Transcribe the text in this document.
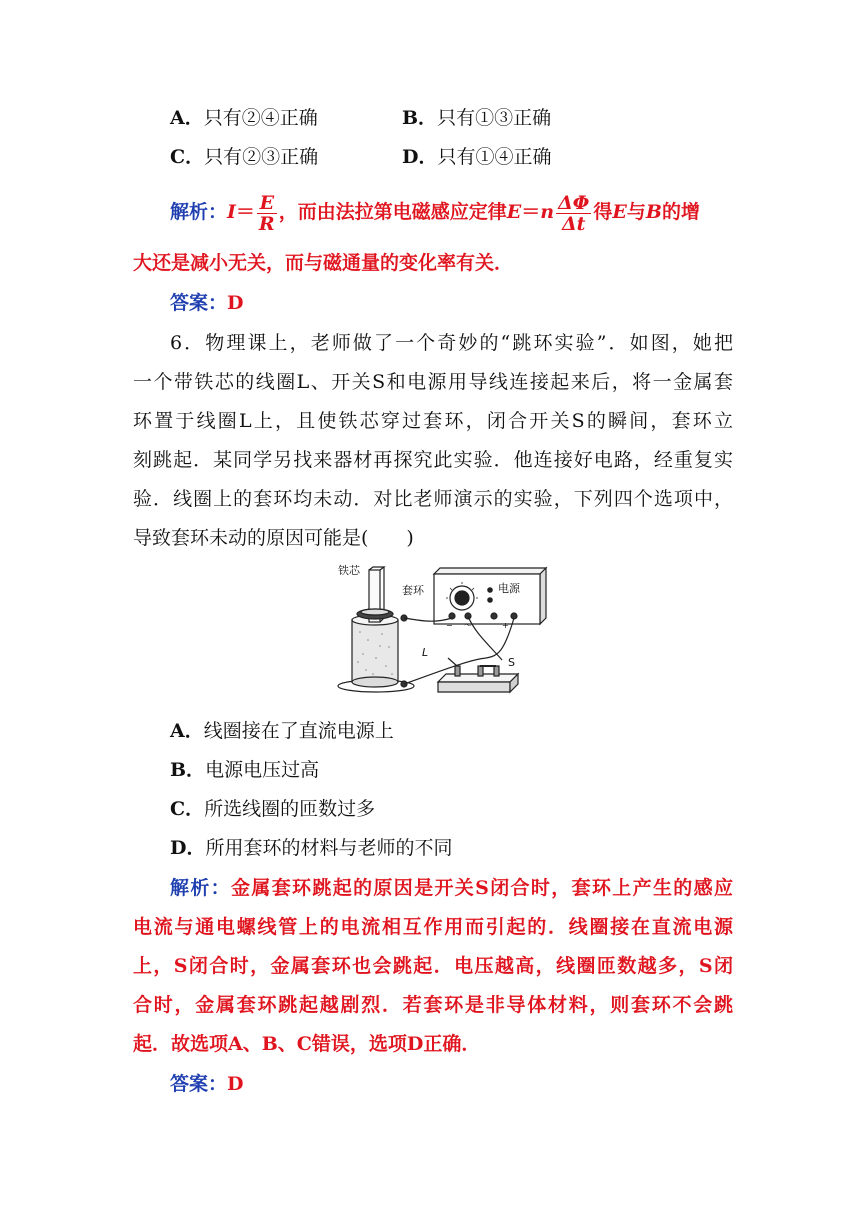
A．只有②④正确	B．只有①③正确
C．只有②③正确	D．只有①④正确
解析：$I= \frac{E}{R}$ ，而由法拉第电磁感应定律$E=n \frac{\Delta\Phi}{\Delta t}$ 得E与B的增
大还是减小无关，而与磁通量的变化率有关．
答案：D
6．物理课上，老师做了一个奇妙的“跳环实验”．如图，她把
一个带铁芯的线圈L、开关S和电源用导线连接起来后，将一金属套
环置于线圈L上，且使铁芯穿过套环，闭合开关S的瞬间，套环立
刻跳起．某同学另找来器材再探究此实验．他连接好电路，经重复实
验．线圈上的套环均未动．对比老师演示的实验，下列四个选项中，
导致套环未动的原因可能是(　　)
铁芯
套环	电源
L
S
− ～	+
A．线圈接在了直流电源上
B．电源电压过高
C．所选线圈的匝数过多
D．所用套环的材料与老师的不同
解析：金属套环跳起的原因是开关S闭合时，套环上产生的感应
电流与通电螺线管上的电流相互作用而引起的．线圈接在直流电源
上，S闭合时，金属套环也会跳起．电压越高，线圈匝数越多，S闭
合时，金属套环跳起越剧烈．若套环是非导体材料，则套环不会跳
起．故选项A、B、C错误，选项D正确．
答案：D
